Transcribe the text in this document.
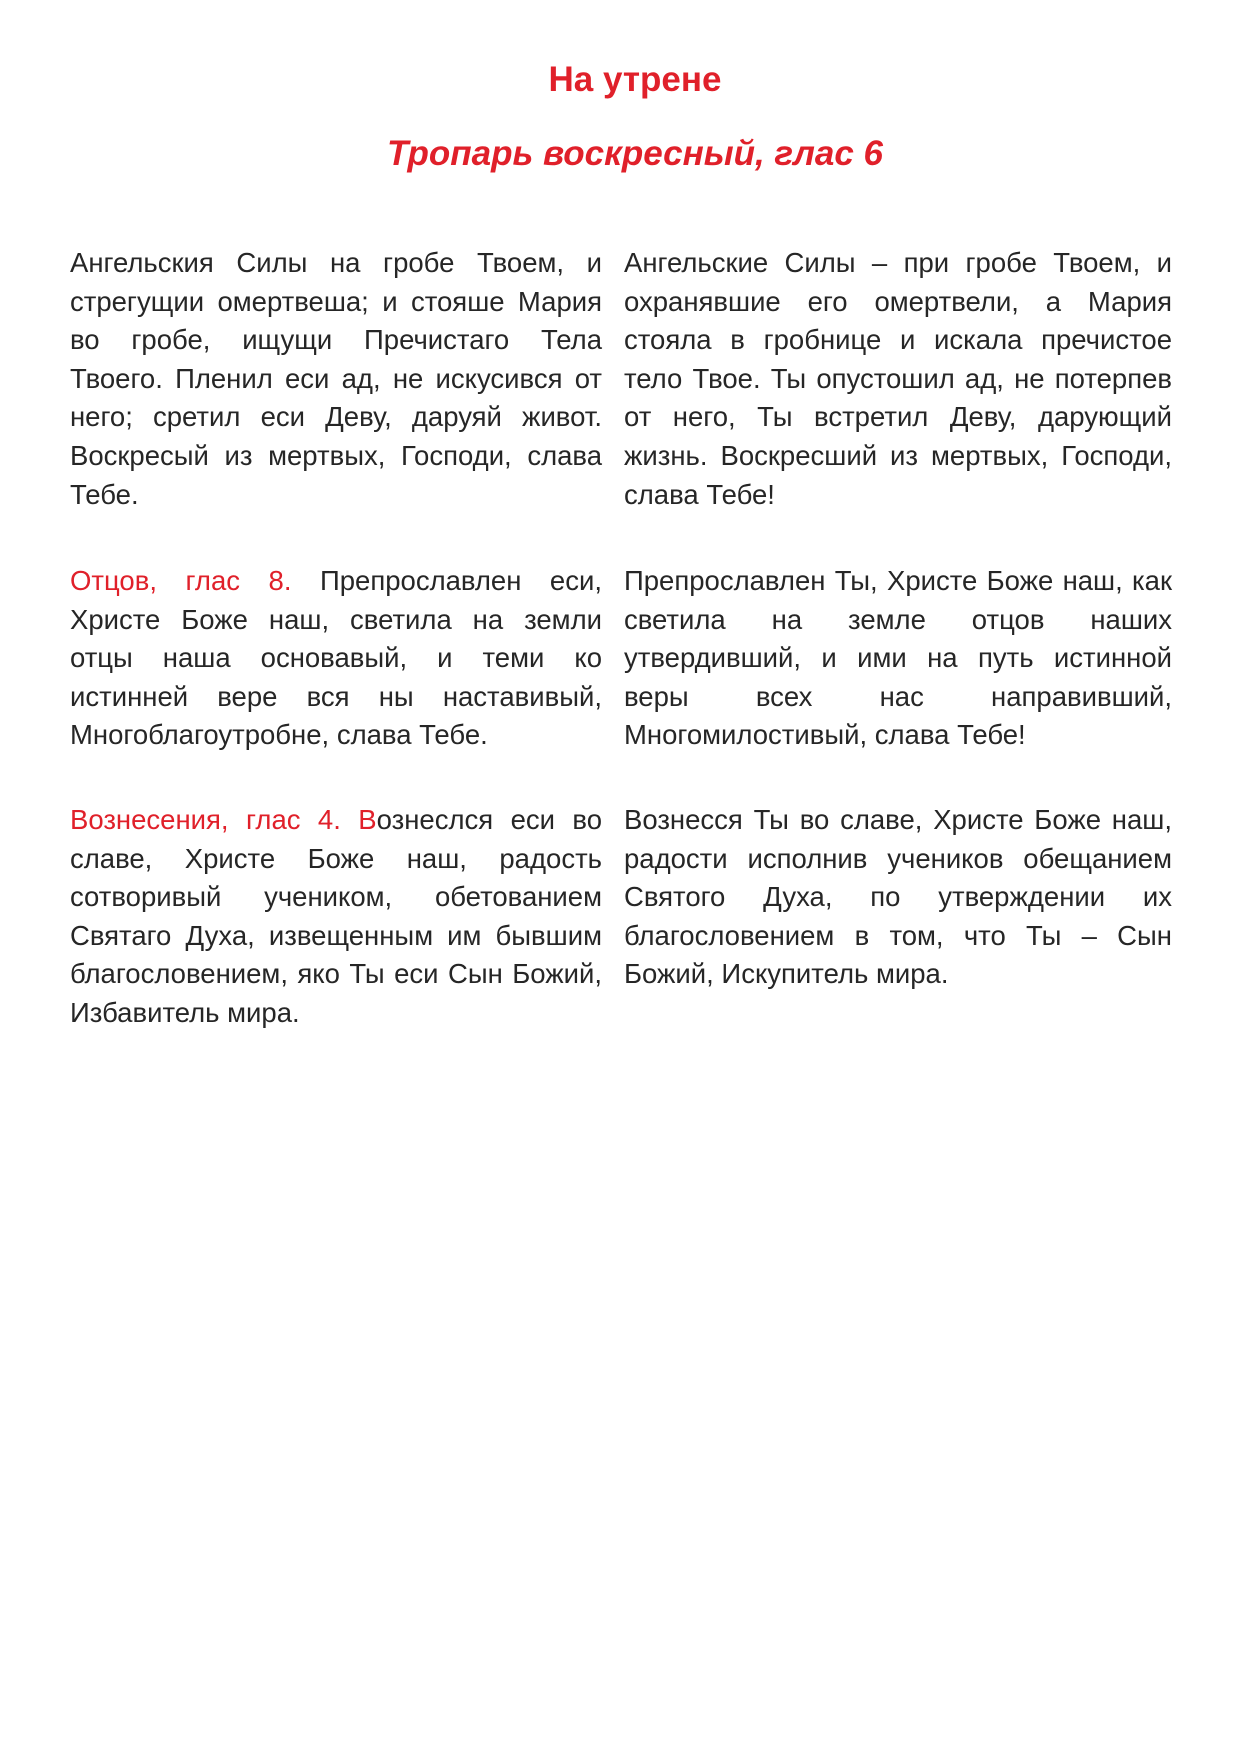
На утрене
Тропарь воскресный, глас 6

Ангельския Силы на гробе Твоем, и стрегущии омертвеша; и стояше Мария во гробе, ищущи Пречистаго Тела Твоего. Пленил еси ад, не искусився от него; сретил еси Деву, даруяй живот. Воскресый из мертвых, Господи, слава Тебе.

Ангельские Силы – при гробе Твоем, и охранявшие его омертвели, а Мария стояла в гробнице и искала пречистое тело Твое. Ты опустошил ад, не потерпев от него, Ты встретил Деву, дарующий жизнь. Воскресший из мертвых, Господи, слава Тебе!

Отцов, глас 8. Препрославлен еси, Христе Боже наш, светила на земли отцы наша основавый, и теми ко истинней вере вся ны наставивый, Многоблагоутробне, слава Тебе.

Препрославлен Ты, Христе Боже наш, как светила на земле отцов наших утвердивший, и ими на путь истинной веры всех нас направивший, Многомилостивый, слава Тебе!

Вознесения, глас 4. Вознеслся еси во славе, Христе Боже наш, радость сотворивый учеником, обетованием Святаго Духа, извещенным им бывшим благословением, яко Ты еси Сын Божий, Избавитель мира.

Вознесся Ты во славе, Христе Боже наш, радости исполнив учеников обещанием Святого Духа, по утверждении их благословением в том, что Ты – Сын Божий, Искупитель мира.
